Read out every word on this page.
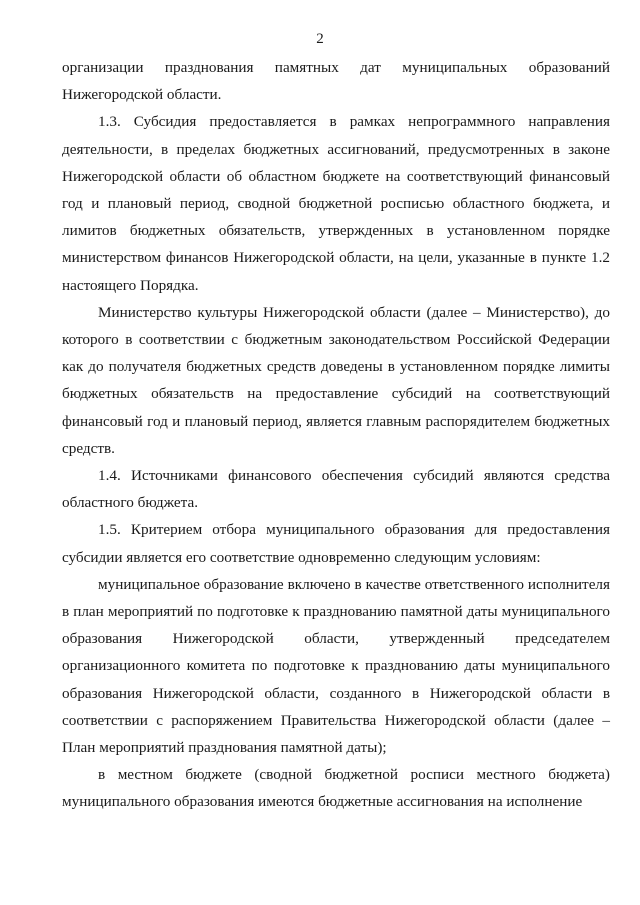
2

организации празднования памятных дат муниципальных образований Нижегородской области.

1.3. Субсидия предоставляется в рамках непрограммного направления деятельности, в пределах бюджетных ассигнований, предусмотренных в законе Нижегородской области об областном бюджете на соответствующий финансовый год и плановый период, сводной бюджетной росписью областного бюджета, и лимитов бюджетных обязательств, утвержденных в установленном порядке министерством финансов Нижегородской области, на цели, указанные в пункте 1.2 настоящего Порядка.

Министерство культуры Нижегородской области (далее – Министерство), до которого в соответствии с бюджетным законодательством Российской Федерации как до получателя бюджетных средств доведены в установленном порядке лимиты бюджетных обязательств на предоставление субсидий на соответствующий финансовый год и плановый период, является главным распорядителем бюджетных средств.

1.4. Источниками финансового обеспечения субсидий являются средства областного бюджета.

1.5. Критерием отбора муниципального образования для предоставления субсидии является его соответствие одновременно следующим условиям:

муниципальное образование включено в качестве ответственного исполнителя в план мероприятий по подготовке к празднованию памятной даты муниципального образования Нижегородской области, утвержденный председателем организационного комитета по подготовке к празднованию даты муниципального образования Нижегородской области, созданного в Нижегородской области в соответствии с распоряжением Правительства Нижегородской области (далее – План мероприятий празднования памятной даты);

в местном бюджете (сводной бюджетной росписи местного бюджета) муниципального образования имеются бюджетные ассигнования на исполнение
